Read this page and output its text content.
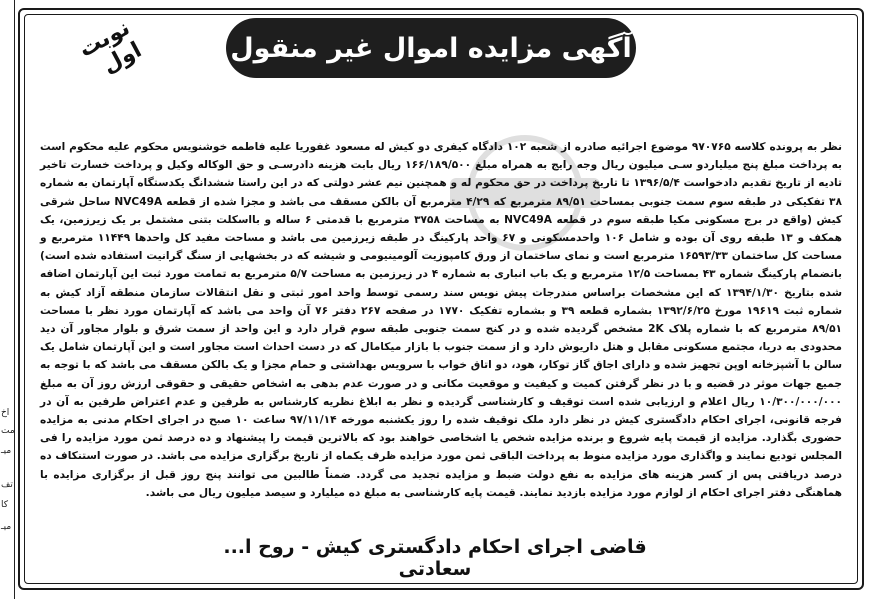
اخ
مت
میـ
تف
کا
میـ
آگهی مزایده اموال غیر منقول
نوبت اول
نظر به پرونده کلاسه ۹۷۰۷۶۵ موضوع اجرائیه صادره از شعبه ۱۰۲ دادگاه کیفری دو کیش له مسعود غفوریا علیه فاطمه خوشنویس محکوم علیه محکوم است به پرداخت مبلغ پنج میلیاردو سـی میلیون ریال وجه رایج به همراه مبلغ ۱۶۶/۱۸۹/۵۰۰ ریال بابت هزینه دادرسـی و حق الوکاله وکیل و پرداخت خسارت تاخیر تادیه از تاریخ تقدیم دادخواست ۱۳۹۶/۵/۴ تا تاریخ پرداخت در حق محکوم له و همچنین نیم عشر دولتی که در این راستا ششدانگ یکدستگاه آپارتمان به شماره ۳۸ تفکیکی در طبقه سوم سمت جنوبی بمساحت ۸۹/۵۱ مترمربع که ۴/۲۹ مترمربع آن بالکن مسقف می باشد و مجزا شده از قطعه NVC49A ساحل شرقی کیش (واقع در برج مسکونی مکیا طبقه سوم در قطعه NVC49A به مساحت ۳۷۵۸ مترمربع با قدمتی ۶ ساله و بااسکلت بتنی مشتمل بر یک زیرزمین، یک همکف و ۱۳ طبقه روی آن بوده و شامل ۱۰۶ واحدمسکونی و ۶۷ واحد پارکینگ در طبقه زیرزمین می باشد و مساحت مفید کل واحدها ۱۱۴۴۹ مترمربع و مساحت کل ساختمان ۱۶۵۹۳/۳۳ مترمربع است و نمای ساختمان از ورق کامپوزیت آلومینیومی و شیشه که در بخشهایی از سنگ گرانیت استفاده شده است) بانضمام پارکینگ شماره ۴۳ بمساحت ۱۲/۵ مترمربع و یک باب انباری به شماره ۴ در زیرزمین به مساحت ۵/۷ مترمربع به تمامت مورد ثبت این آپارتمان اضافه شده بتاریخ ۱۳۹۴/۱/۳۰ که این مشخصات براساس مندرجات پیش نویس سند رسمی توسط واحد امور ثبتی و نقل انتقالات سازمان منطقه آزاد کیش به شماره ثبت ۱۹۶۱۹ مورخ ۱۳۹۲/۶/۲۵ بشماره قطعه ۳۹ و بشماره تفکیک ۱۷۷۰ در صفحه ۲۶۷ دفتر ۷۶ آن واحد می باشد که آپارتمان مورد نظر با مساحت ۸۹/۵۱ مترمربع که با شماره پلاک 2K مشخص گردیده شده و در کنج سمت جنوبی طبقه سوم قرار دارد و این واحد از سمت شرق و بلوار مجاور آن دید محدودی به دریا، مجتمع مسکونی مقابل و هتل داریوش دارد و از سمت جنوب با بازار میکامال که در دست احداث است مجاور است و این آپارتمان شامل یک سالن با آشپزخانه اوپن تجهیز شده و دارای اجاق گاز توکار، هود، دو اتاق خواب با سرویس بهداشتی و حمام مجزا و یک بالکن مسقف می باشد که با توجه به جمیع جهات موثر در قضیه و با در نظر گرفتن کمیت و کیفیت و موقعیت مکانی و در صورت عدم بدهی به اشخاص حقیقی و حقوقی ارزش روز آن به مبلغ ۱۰/۳۰۰/۰۰۰/۰۰۰ ریال اعلام و ارزیابی شده است توقیف و کارشناسی گردیده و نظر به ابلاغ نظریه کارشناس به طرفین و عدم اعتراض طرفین به آن در فرجه قانونی، اجرای احکام دادگستری کیش در نظر دارد ملک توقیف شده را روز یکشنبه مورخه ۹۷/۱۱/۱۴ ساعت ۱۰ صبح در اجرای احکام مدنی به مزایده حضوری بگذارد. مزایده از قیمت پایه شروع و برنده مزایده شخص یا اشخاصی خواهند بود که بالاترین قیمت را پیشنهاد و ده درصد ثمن مورد مزایده را فی المجلس تودیع نمایند و واگذاری مورد مزایده منوط به پرداخت الباقی ثمن مورد مزایده ظرف یکماه از تاریخ برگزاری مزایده می باشد. در صورت استنکاف ده درصد دریافتی پس از کسر هزینه های مزایده به نفع دولت ضبط و مزایده تجدید می گردد. ضمناً طالبین می توانند پنج روز قبل از برگزاری مزایده با هماهنگی دفتر اجرای احکام از لوازم مورد مزایده بازدید نمایند. قیمت پایه کارشناسی به مبلغ ده میلیارد و سیصد میلیون ریال می باشد.
قاضی اجرای احکام دادگستری کیش - روح ا... سعادتی
